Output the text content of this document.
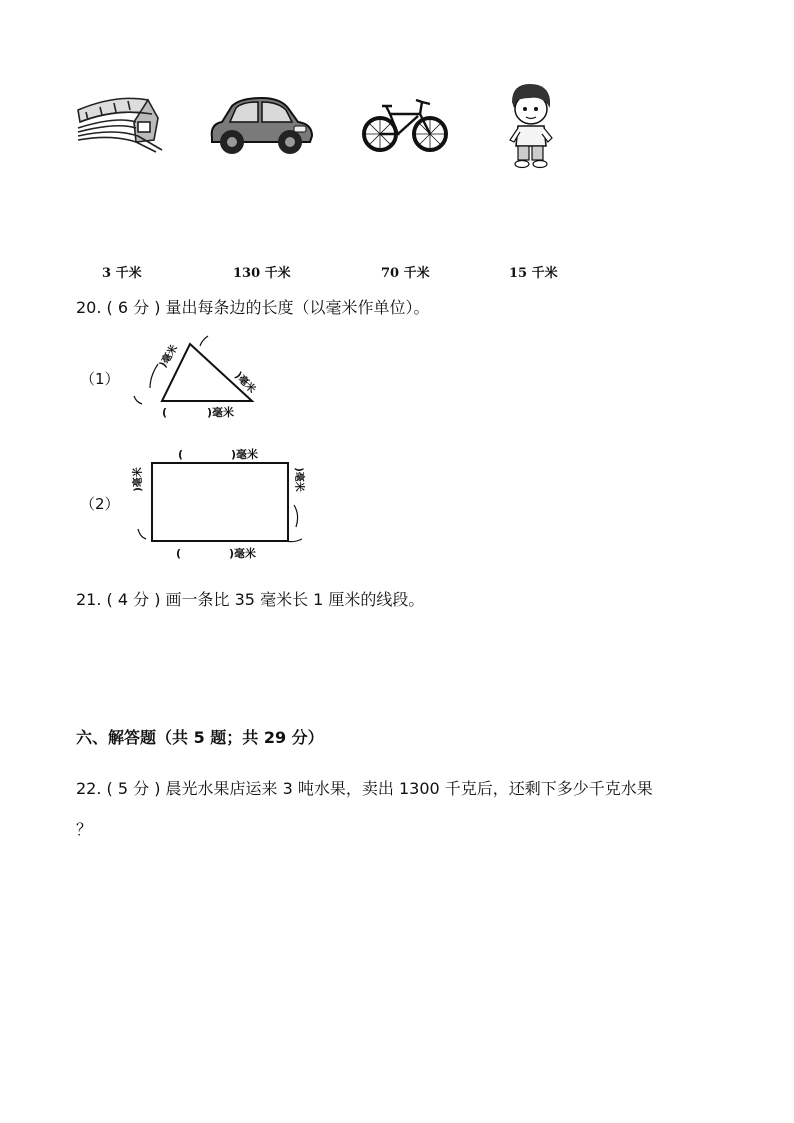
3 千米	130 千米	70 千米	15 千米
20. ( 6 分 ) 量出每条边的长度（以毫米作单位）。
（1）
)毫米
)毫米
(	)毫米
（2）
(	)毫米
)毫米	)毫米
(	)毫米
21. ( 4 分 ) 画一条比 35 毫米长 1 厘米的线段。
六、解答题（共 5 题；共 29 分）
22. ( 5 分 ) 晨光水果店运来 3 吨水果，卖出 1300 千克后，还剩下多少千克水果
？
